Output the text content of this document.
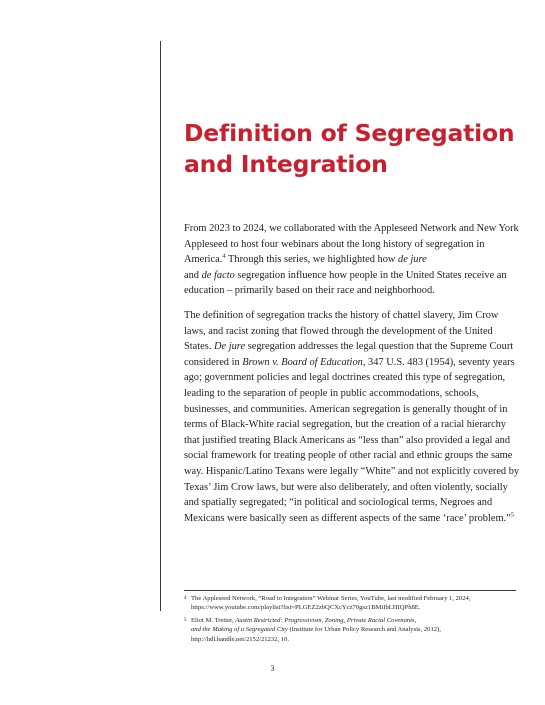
Definition of Segregation
and Integration

From 2023 to 2024, we collaborated with the Appleseed Network and New York Appleseed to host four webinars about the long history of segregation in America.$^4$ Through this series, we highlighted how de jure
and de facto segregation influence how people in the United States receive an education – primarily based on their race and neighborhood.

The definition of segregation tracks the history of chattel slavery, Jim Crow laws, and racist zoning that flowed through the development of the United States. De jure segregation addresses the legal question that the Supreme Court considered in Brown v. Board of Education, 347 U.S. 483 (1954), seventy years ago; government policies and legal doctrines created this type of segregation, leading to the separation of people in public accommodations, schools, businesses, and communities. American segregation is generally thought of in terms of Black-White racial segregation, but the creation of a racial hierarchy that justified treating Black Americans as “less than” also provided a legal and social framework for treating people of other racial and ethnic groups the same way. Hispanic/Latino Texans were legally “White” and not explicitly covered by Texas’ Jim Crow laws, but were also deliberately, and often violently, socially and spatially segregated; “in political and sociological terms, Negroes and Mexicans were basically seen as different aspects of the same ‘race’ problem.”$^5$

4 The Appleseed Network, “Road to Integration” Webinar Series, YouTube, last modified February 1, 2024,
https://www.youtube.com/playlist?list=PLGEZ2zbQCXcYcz70gsz1BMiIbLHIQPh8E.
5 Eliot M. Tretter, Austin Restricted: Progressivism, Zoning, Private Racial Covenants,
and the Making of a Segregated City (Institute for Urban Policy Research and Analysis, 2012),
http://hdl.handle.net/2152/21232, 10.
3
